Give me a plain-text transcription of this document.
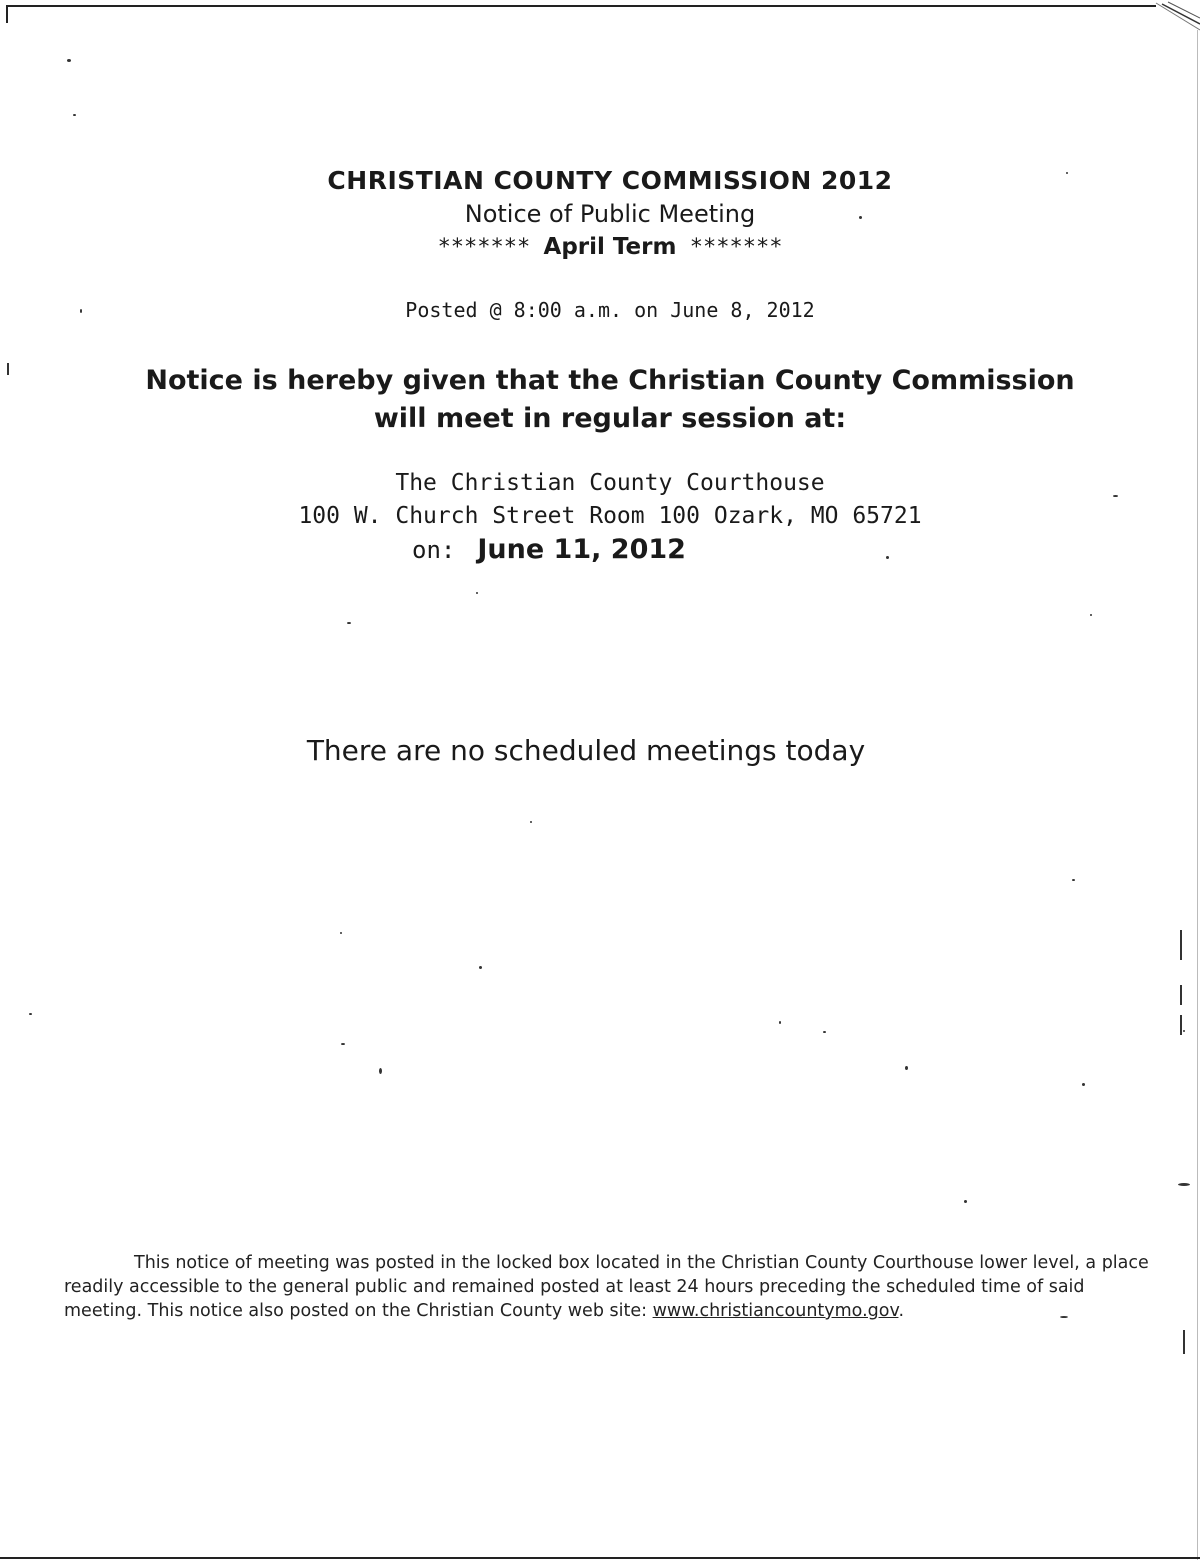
CHRISTIAN COUNTY COMMISSION 2012
Notice of Public Meeting
******* April Term *******
Posted @ 8:00 a.m. on June 8, 2012
Notice is hereby given that the Christian County Commission
will meet in regular session at:
The Christian County Courthouse
100 W. Church Street Room 100 Ozark, MO 65721
on: June 11, 2012
There are no scheduled meetings today
This notice of meeting was posted in the locked box located in the Christian County Courthouse lower level, a place readily accessible to the general public and remained posted at least 24 hours preceding the scheduled time of said meeting. This notice also posted on the Christian County web site: www.christiancountymo.gov.
